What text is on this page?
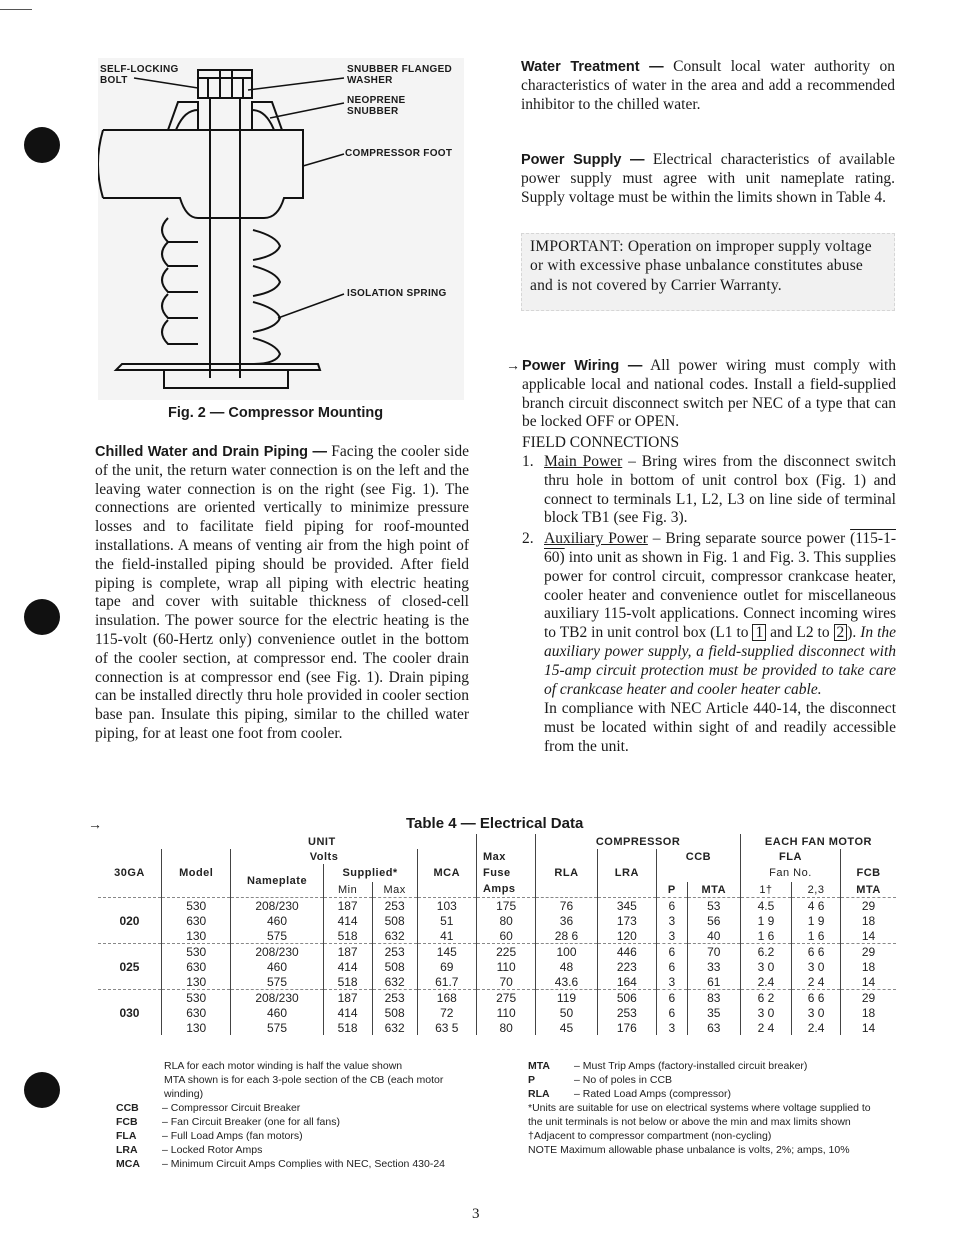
SELF-LOCKING BOLT
SNUBBER FLANGED WASHER
NEOPRENE SNUBBER
COMPRESSOR FOOT
ISOLATION SPRING
Fig. 2 — Compressor Mounting

Chilled Water and Drain Piping — Facing the cooler side of the unit, the return water connection is on the left and the leaving water connection is on the right (see Fig. 1). The connections are oriented vertically to minimize pressure losses and to facilitate field piping for roof-mounted installations. A means of venting air from the high point of the field-installed piping should be provided. After field piping is complete, wrap all piping with electric heating tape and cover with suitable thickness of closed-cell insulation. The power source for the electric heating is the 115-volt (60-Hertz only) convenience outlet in the bottom of the cooler section, at compressor end. The cooler drain connection is at compressor end (see Fig. 1). Drain piping can be installed directly thru hole provided in cooler section base pan. Insulate this piping, similar to the chilled water piping, for at least one foot from cooler.

Water Treatment — Consult local water authority on characteristics of water in the area and add a recommended inhibitor to the chilled water.

Power Supply — Electrical characteristics of available power supply must agree with unit nameplate rating. Supply voltage must be within the limits shown in Table 4.

IMPORTANT: Operation on improper supply voltage or with excessive phase unbalance constitutes abuse and is not covered by Carrier Warranty.
→ Power Wiring — All power wiring must comply with applicable local and national codes. Install a field-supplied branch circuit disconnect switch per NEC of a type that can be locked OFF or OPEN.

FIELD CONNECTIONS

1. Main Power – Bring wires from the disconnect switch thru hole in bottom of unit control box (Fig. 1) and connect to terminals L1, L2, L3 on line side of terminal block TB1 (see Fig. 3).
2. Auxiliary Power – Bring separate source power (115-1-60) into unit as shown in Fig. 1 and Fig. 3. This supplies power for control circuit, compressor crankcase heater, cooler heater and convenience outlet for miscellaneous auxiliary 115-volt applications. Connect incoming wires to TB2 in unit control box (L1 to 1 and L2 to 2 ). In the auxiliary power supply, a field-supplied disconnect with 15-amp circuit protection must be provided to take care of crankcase heater and cooler heater cable.

In compliance with NEC Article 440-14, the disconnect must be located within sight of and readily accessible from the unit.

→	Table 4 — Electrical Data
UNIT							COMPRESSOR				EACH FAN MOTOR		
		Volts				Max Fuse Amps			CCB		FLA		
30GA	Model	Nameplate	Supplied*		MCA		RLA	LRA			Fan No.		FCB
			Min	Max					P	MTA	1†	2,3	MTA
	530	208/230	187	253	103	175	76	345	6	53	4.5	4 6	29
020	630	460	414	508	51	80	36	173	3	56	1 9	1 9	18
	130	575	518	632	41	60	28 6	120	3	40	1 6	1 6	14
	530	208/230	187	253	145	225	100	446	6	70	6.2	6 6	29
025	630	460	414	508	69	110	48	223	6	33	3 0	3 0	18
	130	575	518	632	61.7	70	43.6	164	3	61	2.4	2 4	14
	530	208/230	187	253	168	275	119	506	6	83	6 2	6 6	29
030	630	460	414	508	72	110	50	253	6	35	3 0	3 0	18
	130	575	518	632	63 5	80	45	176	3	63	2 4	2.4	14
RLA for each motor winding is half the value shown
MTA shown is for each 3-pole section of the CB (each motor winding)
CCB – Compressor Circuit Breaker
FCB – Fan Circuit Breaker (one for all fans)
FLA – Full Load Amps (fan motors)
LRA – Locked Rotor Amps
MCA – Minimum Circuit Amps Complies with NEC, Section 430-24
MTA – Must Trip Amps (factory-installed circuit breaker)
P	– No of poles in CCB
RLA – Rated Load Amps (compressor)
*Units are suitable for use on electrical systems where voltage supplied to the unit terminals is not below or above the min and max limits shown
†Adjacent to compressor compartment (non-cycling)
NOTE Maximum allowable phase unbalance is volts, 2%; amps, 10%
3
